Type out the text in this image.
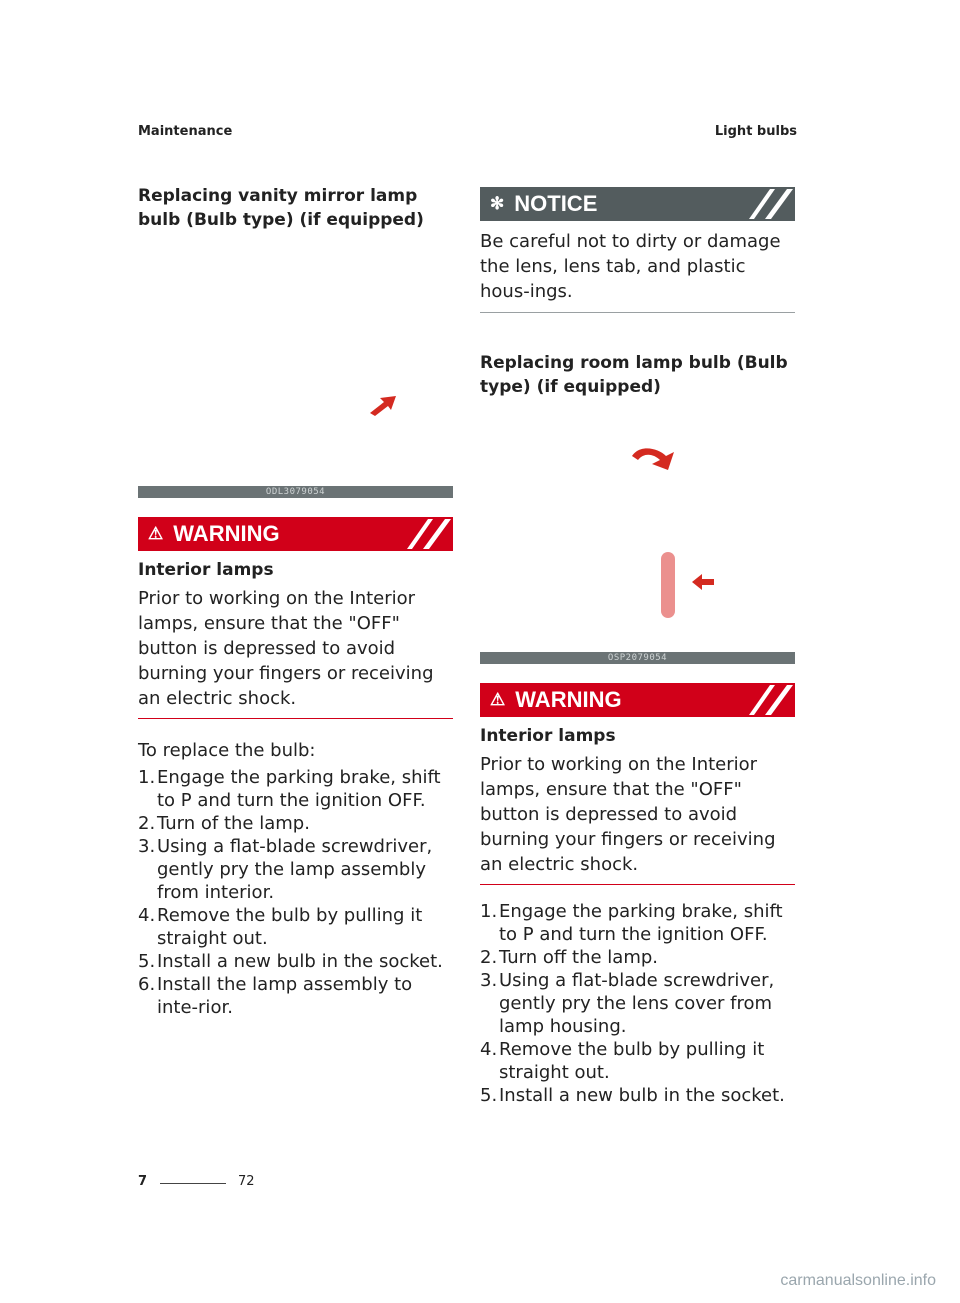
Maintenance	Light bulbs
Replacing vanity mirror lamp bulb (Bulb type) (if equipped)
ODL3079054
⚠ WARNING
Interior lamps
Prior to working on the Interior lamps, ensure that the "OFF" button is depressed to avoid burning your fingers or receiving an electric shock.
To replace the bulb:
1. Engage the parking brake, shift to P and turn the ignition OFF.
2. Turn of the lamp.
3. Using a flat-blade screwdriver, gently pry the lamp assembly from interior.
4. Remove the bulb by pulling it straight out.
5. Install a new bulb in the socket.
6. Install the lamp assembly to inte-rior.
✻ NOTICE
Be careful not to dirty or damage the lens, lens tab, and plastic hous-ings.
Replacing room lamp bulb (Bulb type) (if equipped)
OSP2079054
⚠ WARNING
Interior lamps
Prior to working on the Interior lamps, ensure that the "OFF" button is depressed to avoid burning your fingers or receiving an electric shock.
1. Engage the parking brake, shift to P and turn the ignition OFF.
2. Turn off the lamp.
3. Using a flat-blade screwdriver, gently pry the lens cover from lamp housing.
4. Remove the bulb by pulling it straight out.
5. Install a new bulb in the socket.
7	72
carmanualsonline.info
